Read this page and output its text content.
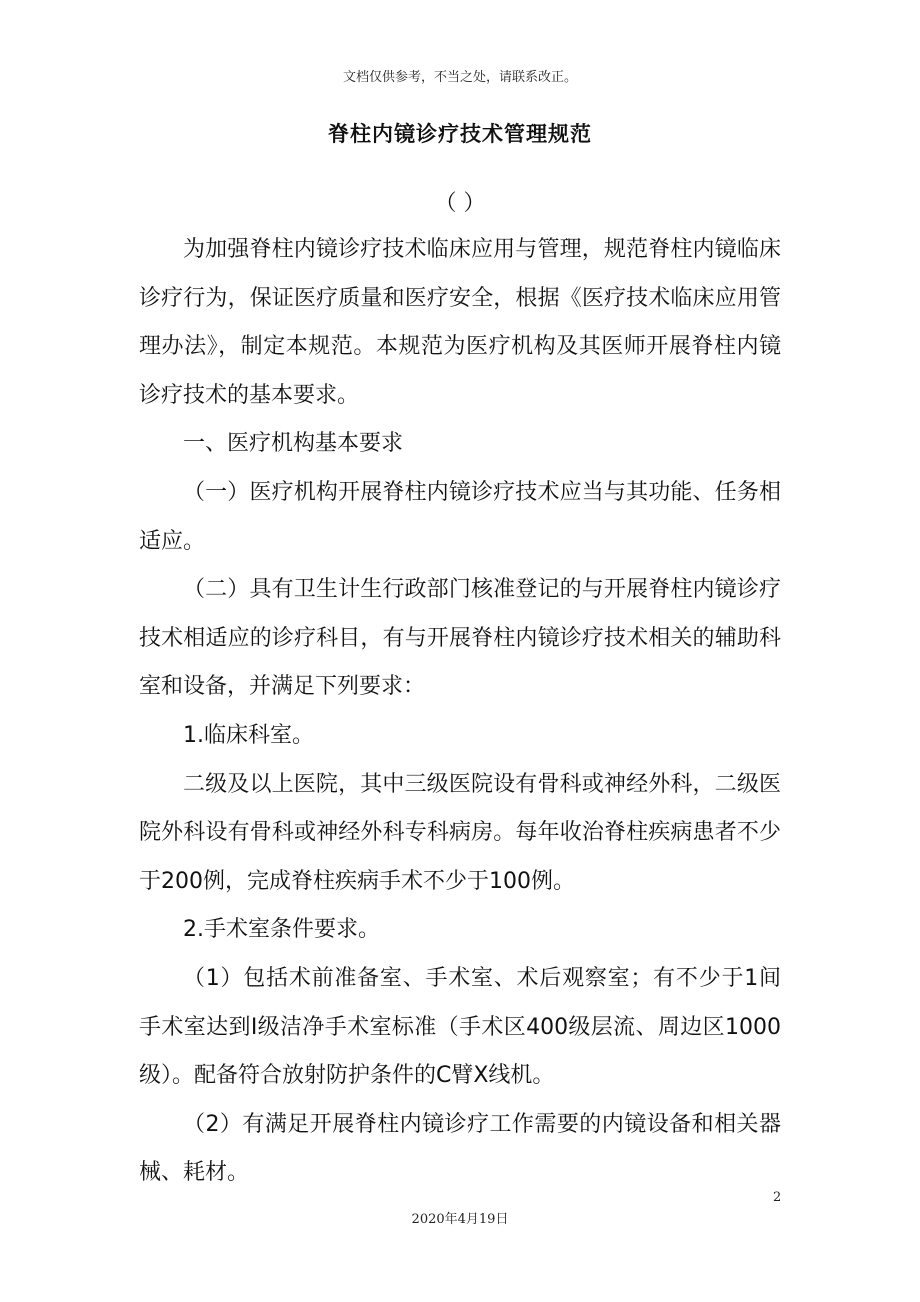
文档仅供参考，不当之处，请联系改正。
脊柱内镜诊疗技术管理规范
（ ）

为加强脊柱内镜诊疗技术临床应用与管理，规范脊柱内镜临床诊疗行为，保证医疗质量和医疗安全，根据《医疗技术临床应用管理办法》，制定本规范。本规范为医疗机构及其医师开展脊柱内镜诊疗技术的基本要求。

一、医疗机构基本要求

（一）医疗机构开展脊柱内镜诊疗技术应当与其功能、任务相适应。

（二）具有卫生计生行政部门核准登记的与开展脊柱内镜诊疗技术相适应的诊疗科目，有与开展脊柱内镜诊疗技术相关的辅助科室和设备，并满足下列要求：

1.临床科室。

二级及以上医院，其中三级医院设有骨科或神经外科，二级医院外科设有骨科或神经外科专科病房。每年收治脊柱疾病患者不少于200例，完成脊柱疾病手术不少于100例。

2.手术室条件要求。

（1）包括术前准备室、手术室、术后观察室；有不少于1间手术室达到I级洁净手术室标准（手术区400级层流、周边区1000级）。配备符合放射防护条件的C臂X线机。

（2）有满足开展脊柱内镜诊疗工作需要的内镜设备和相关器械、耗材。

2
2020年4月19日
